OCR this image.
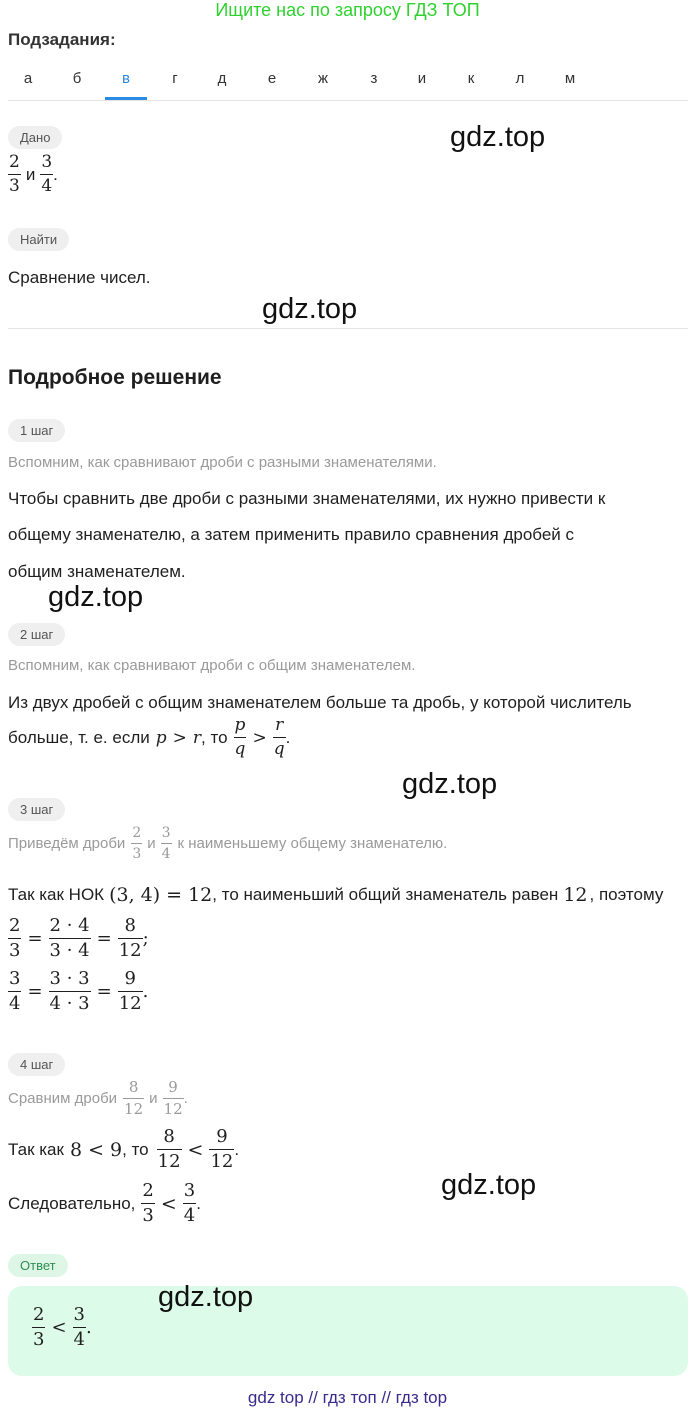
Ищите нас по запросу ГДЗ ТОП
Подзадания:
а	б	в	г	д	е	ж	з	и	к	л	м
Дано	gdz.top
$\frac{2}{3}$ и $\frac{3}{4}$ .
Найти
Сравнение чисел.
gdz.top
Подробное решение
1 шаг
Вспомним, как сравнивают дроби с разными знаменателями.
Чтобы сравнить две дроби с разными знаменателями, их нужно привести к
общему знаменателю, а затем применить правило сравнения дробей с
общим знаменателем.
gdz.top
2 шаг
Вспомним, как сравнивают дроби с общим знаменателем.
Из двух дробей с общим знаменателем больше та дробь, у которой числитель
больше, т. е. если p > r , то $\frac{p}{q} > \frac{r}{q}$ .
gdz.top
3 шаг
Приведём дроби $\frac{2}{3}$ и $\frac{3}{4}$ к наименьшему общему знаменателю.
Так как НОК (3, 4) = 12 , то наименьший общий знаменатель равен 12 , поэтому
$\frac{2}{3} = \frac{2 \cdot 4}{3 \cdot 4} = \frac{8}{12}$ ;
$\frac{3}{4} = \frac{3 \cdot 3}{4 \cdot 3} = \frac{9}{12}$ .
4 шаг
Сравним дроби $\frac{8}{12}$ и $\frac{9}{12}$ .
Так как 8 < 9 , то $\frac{8}{12} < \frac{9}{12}$ .
Следовательно, $\frac{2}{3} < \frac{3}{4}$ .
gdz.top
Ответ
$\frac{2}{3} < \frac{3}{4}$ .
gdz.top
gdz top // гдз топ // гдз top
